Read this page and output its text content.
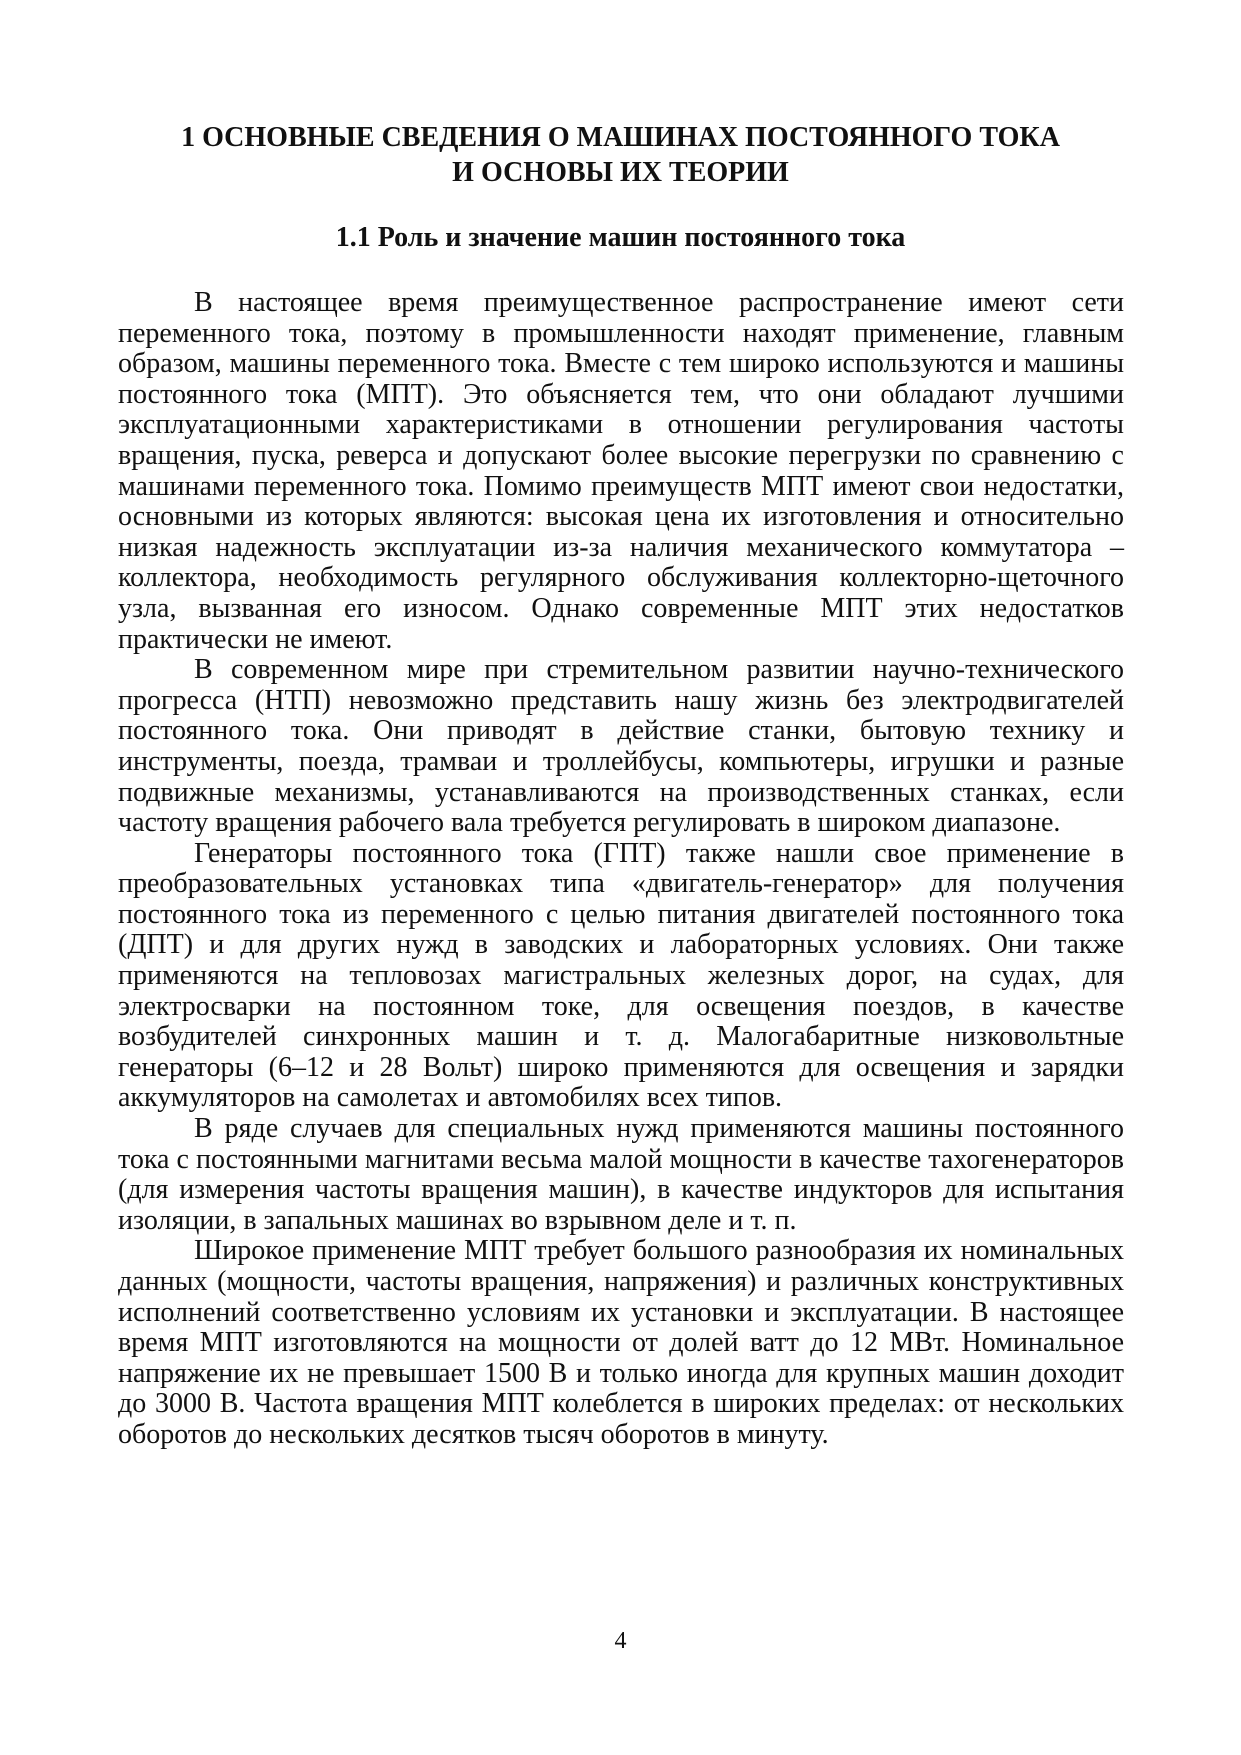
1 ОСНОВНЫЕ СВЕДЕНИЯ О МАШИНАХ ПОСТОЯННОГО ТОКА
И ОСНОВЫ ИХ ТЕОРИИ
1.1 Роль и значение машин постоянного тока

В настоящее время преимущественное распространение имеют сети переменного тока, поэтому в промышленности находят применение, главным образом, машины переменного тока. Вместе с тем широко используются и машины постоянного тока (МПТ). Это объясняется тем, что они обладают лучшими эксплуатационными характеристиками в отношении регулирования частоты вращения, пуска, реверса и допускают более высокие перегрузки по сравнению с машинами переменного тока. Помимо преимуществ МПТ имеют свои недостатки, основными из которых являются: высокая цена их изготовления и относительно низкая надежность эксплуатации из-за наличия механического коммутатора – коллектора, необходимость регулярного обслуживания коллекторно-щеточного узла, вызванная его износом. Однако современные МПТ этих недостатков практически не имеют.

В современном мире при стремительном развитии научно-технического прогресса (НТП) невозможно представить нашу жизнь без электродвигателей постоянного тока. Они приводят в действие станки, бытовую технику и инструменты, поезда, трамваи и троллейбусы, компьютеры, игрушки и разные подвижные механизмы, устанавливаются на производственных станках, если частоту вращения рабочего вала требуется регулировать в широком диапазоне.

Генераторы постоянного тока (ГПТ) также нашли свое применение в преобразовательных установках типа «двигатель-генератор» для получения постоянного тока из переменного с целью питания двигателей постоянного тока (ДПТ) и для других нужд в заводских и лабораторных условиях. Они также применяются на тепловозах магистральных железных дорог, на судах, для электросварки на постоянном токе, для освещения поездов, в качестве возбудителей синхронных машин и т. д. Малогабаритные низковольтные генераторы (6–12 и 28 Вольт) широко применяются для освещения и зарядки аккумуляторов на самолетах и автомобилях всех типов.

В ряде случаев для специальных нужд применяются машины постоянного тока с постоянными магнитами весьма малой мощности в качестве тахогенераторов (для измерения частоты вращения машин), в качестве индукторов для испытания изоляции, в запальных машинах во взрывном деле и т. п.

Широкое применение МПТ требует большого разнообразия их номинальных данных (мощности, частоты вращения, напряжения) и различных конструктивных исполнений соответственно условиям их установки и эксплуатации. В настоящее время МПТ изготовляются на мощности от долей ватт до 12 МВт. Номинальное напряжение их не превышает 1500 В и только иногда для крупных машин доходит до 3000 В. Частота вращения МПТ колеблется в широких пределах: от нескольких оборотов до нескольких десятков тысяч оборотов в минуту.

4
